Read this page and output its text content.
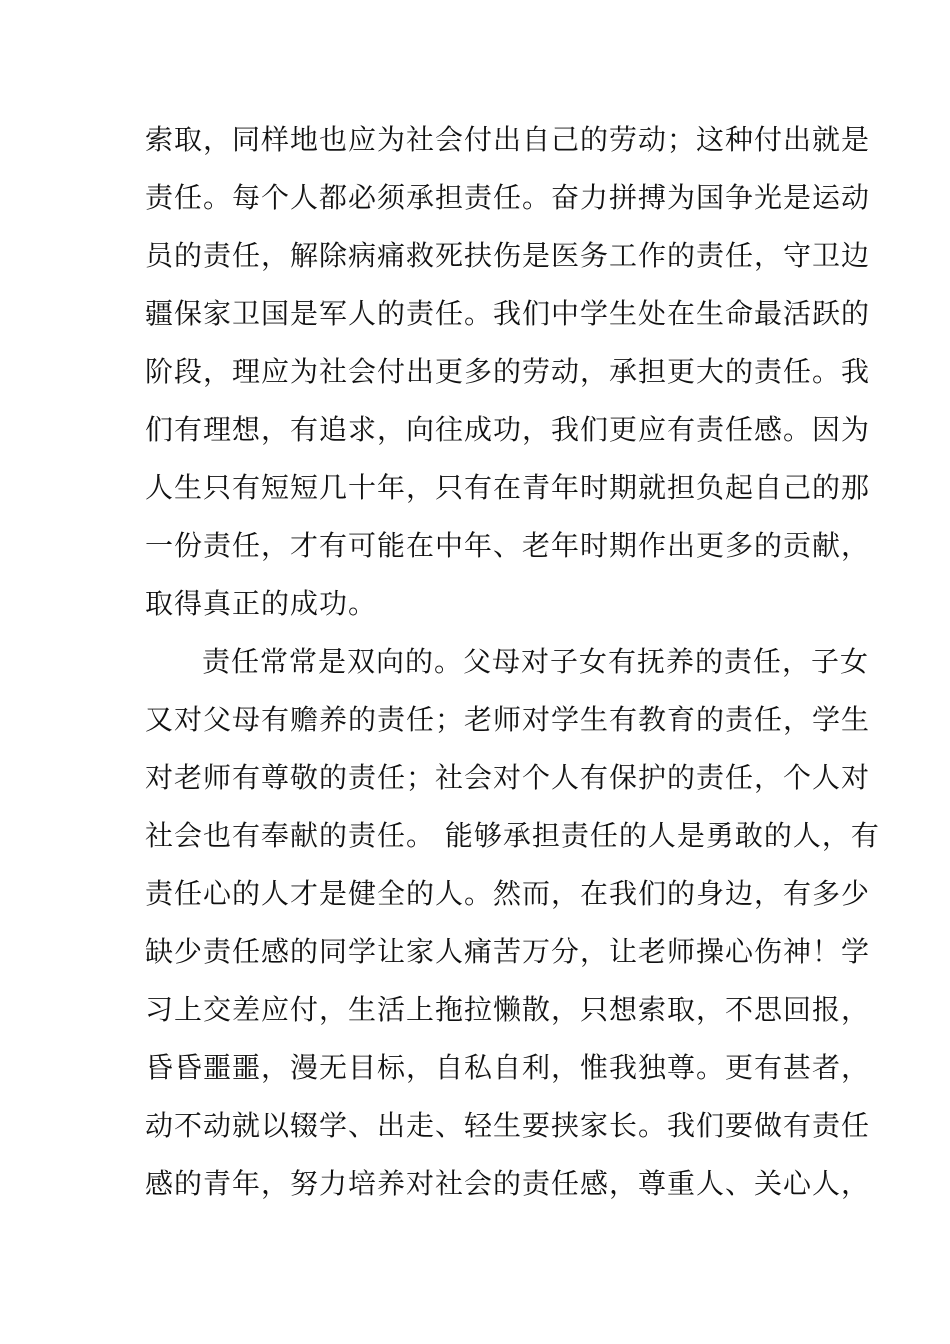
索取，同样地也应为社会付出自己的劳动；这种付出就是
责任。每个人都必须承担责任。奋力拼搏为国争光是运动
员的责任，解除病痛救死扶伤是医务工作的责任，守卫边
疆保家卫国是军人的责任。我们中学生处在生命最活跃的
阶段，理应为社会付出更多的劳动，承担更大的责任。我
们有理想，有追求，向往成功，我们更应有责任感。因为
人生只有短短几十年，只有在青年时期就担负起自己的那
一份责任，才有可能在中年、老年时期作出更多的贡献，
取得真正的成功。
责任常常是双向的。父母对子女有抚养的责任，子女
又对父母有赡养的责任；老师对学生有教育的责任，学生
对老师有尊敬的责任；社会对个人有保护的责任，个人对
社会也有奉献的责任。 能够承担责任的人是勇敢的人，有
责任心的人才是健全的人。然而，在我们的身边，有多少
缺少责任感的同学让家人痛苦万分，让老师操心伤神！学
习上交差应付，生活上拖拉懒散，只想索取，不思回报，
昏昏噩噩，漫无目标，自私自利，惟我独尊。更有甚者，
动不动就以辍学、出走、轻生要挟家长。我们要做有责任
感的青年，努力培养对社会的责任感，尊重人、关心人，
